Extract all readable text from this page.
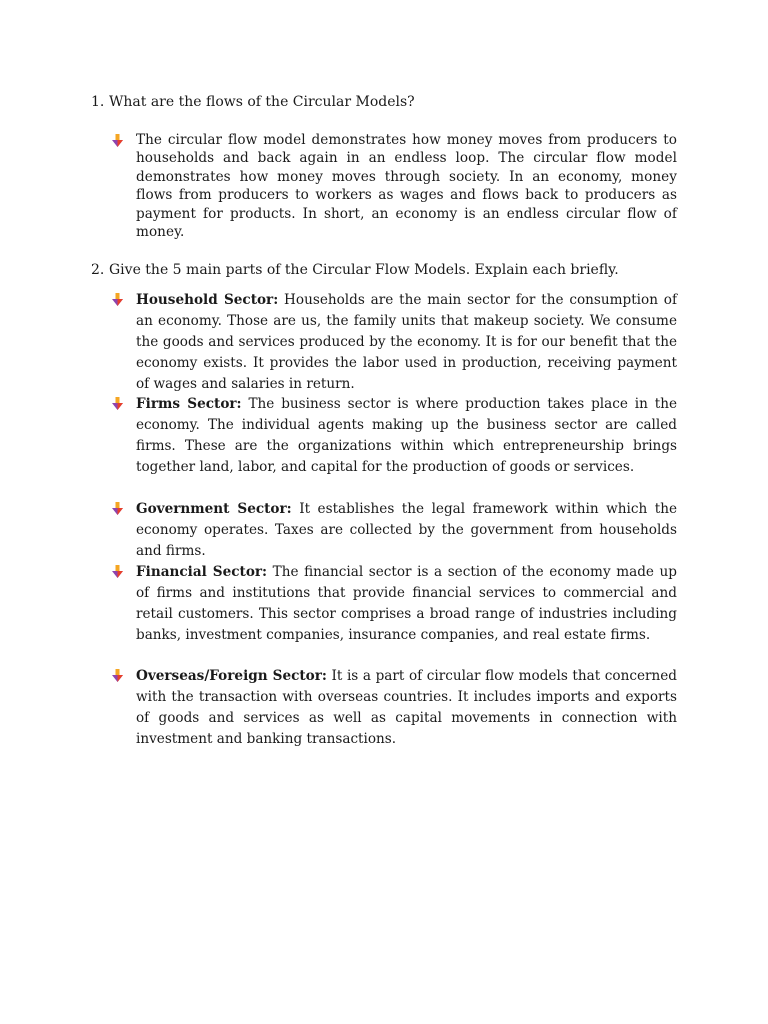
1. What are the flows of the Circular Models?

The circular flow model demonstrates how money moves from producers to households and back again in an endless loop. The circular flow model demonstrates how money moves through society. In an economy, money flows from producers to workers as wages and flows back to producers as payment for products. In short, an economy is an endless circular flow of money.

2. Give the 5 main parts of the Circular Flow Models. Explain each briefly.

Household Sector: Households are the main sector for the consumption of an economy. Those are us, the family units that makeup society. We consume the goods and services produced by the economy. It is for our benefit that the economy exists. It provides the labor used in production, receiving payment of wages and salaries in return.

Firms Sector: The business sector is where production takes place in the economy. The individual agents making up the business sector are called firms. These are the organizations within which entrepreneurship brings together land, labor, and capital for the production of goods or services.

Government Sector: It establishes the legal framework within which the economy operates. Taxes are collected by the government from households and firms.

Financial Sector: The financial sector is a section of the economy made up of firms and institutions that provide financial services to commercial and retail customers. This sector comprises a broad range of industries including banks, investment companies, insurance companies, and real estate firms.

Overseas/Foreign Sector: It is a part of circular flow models that concerned with the transaction with overseas countries. It includes imports and exports of goods and services as well as capital movements in connection with investment and banking transactions.
